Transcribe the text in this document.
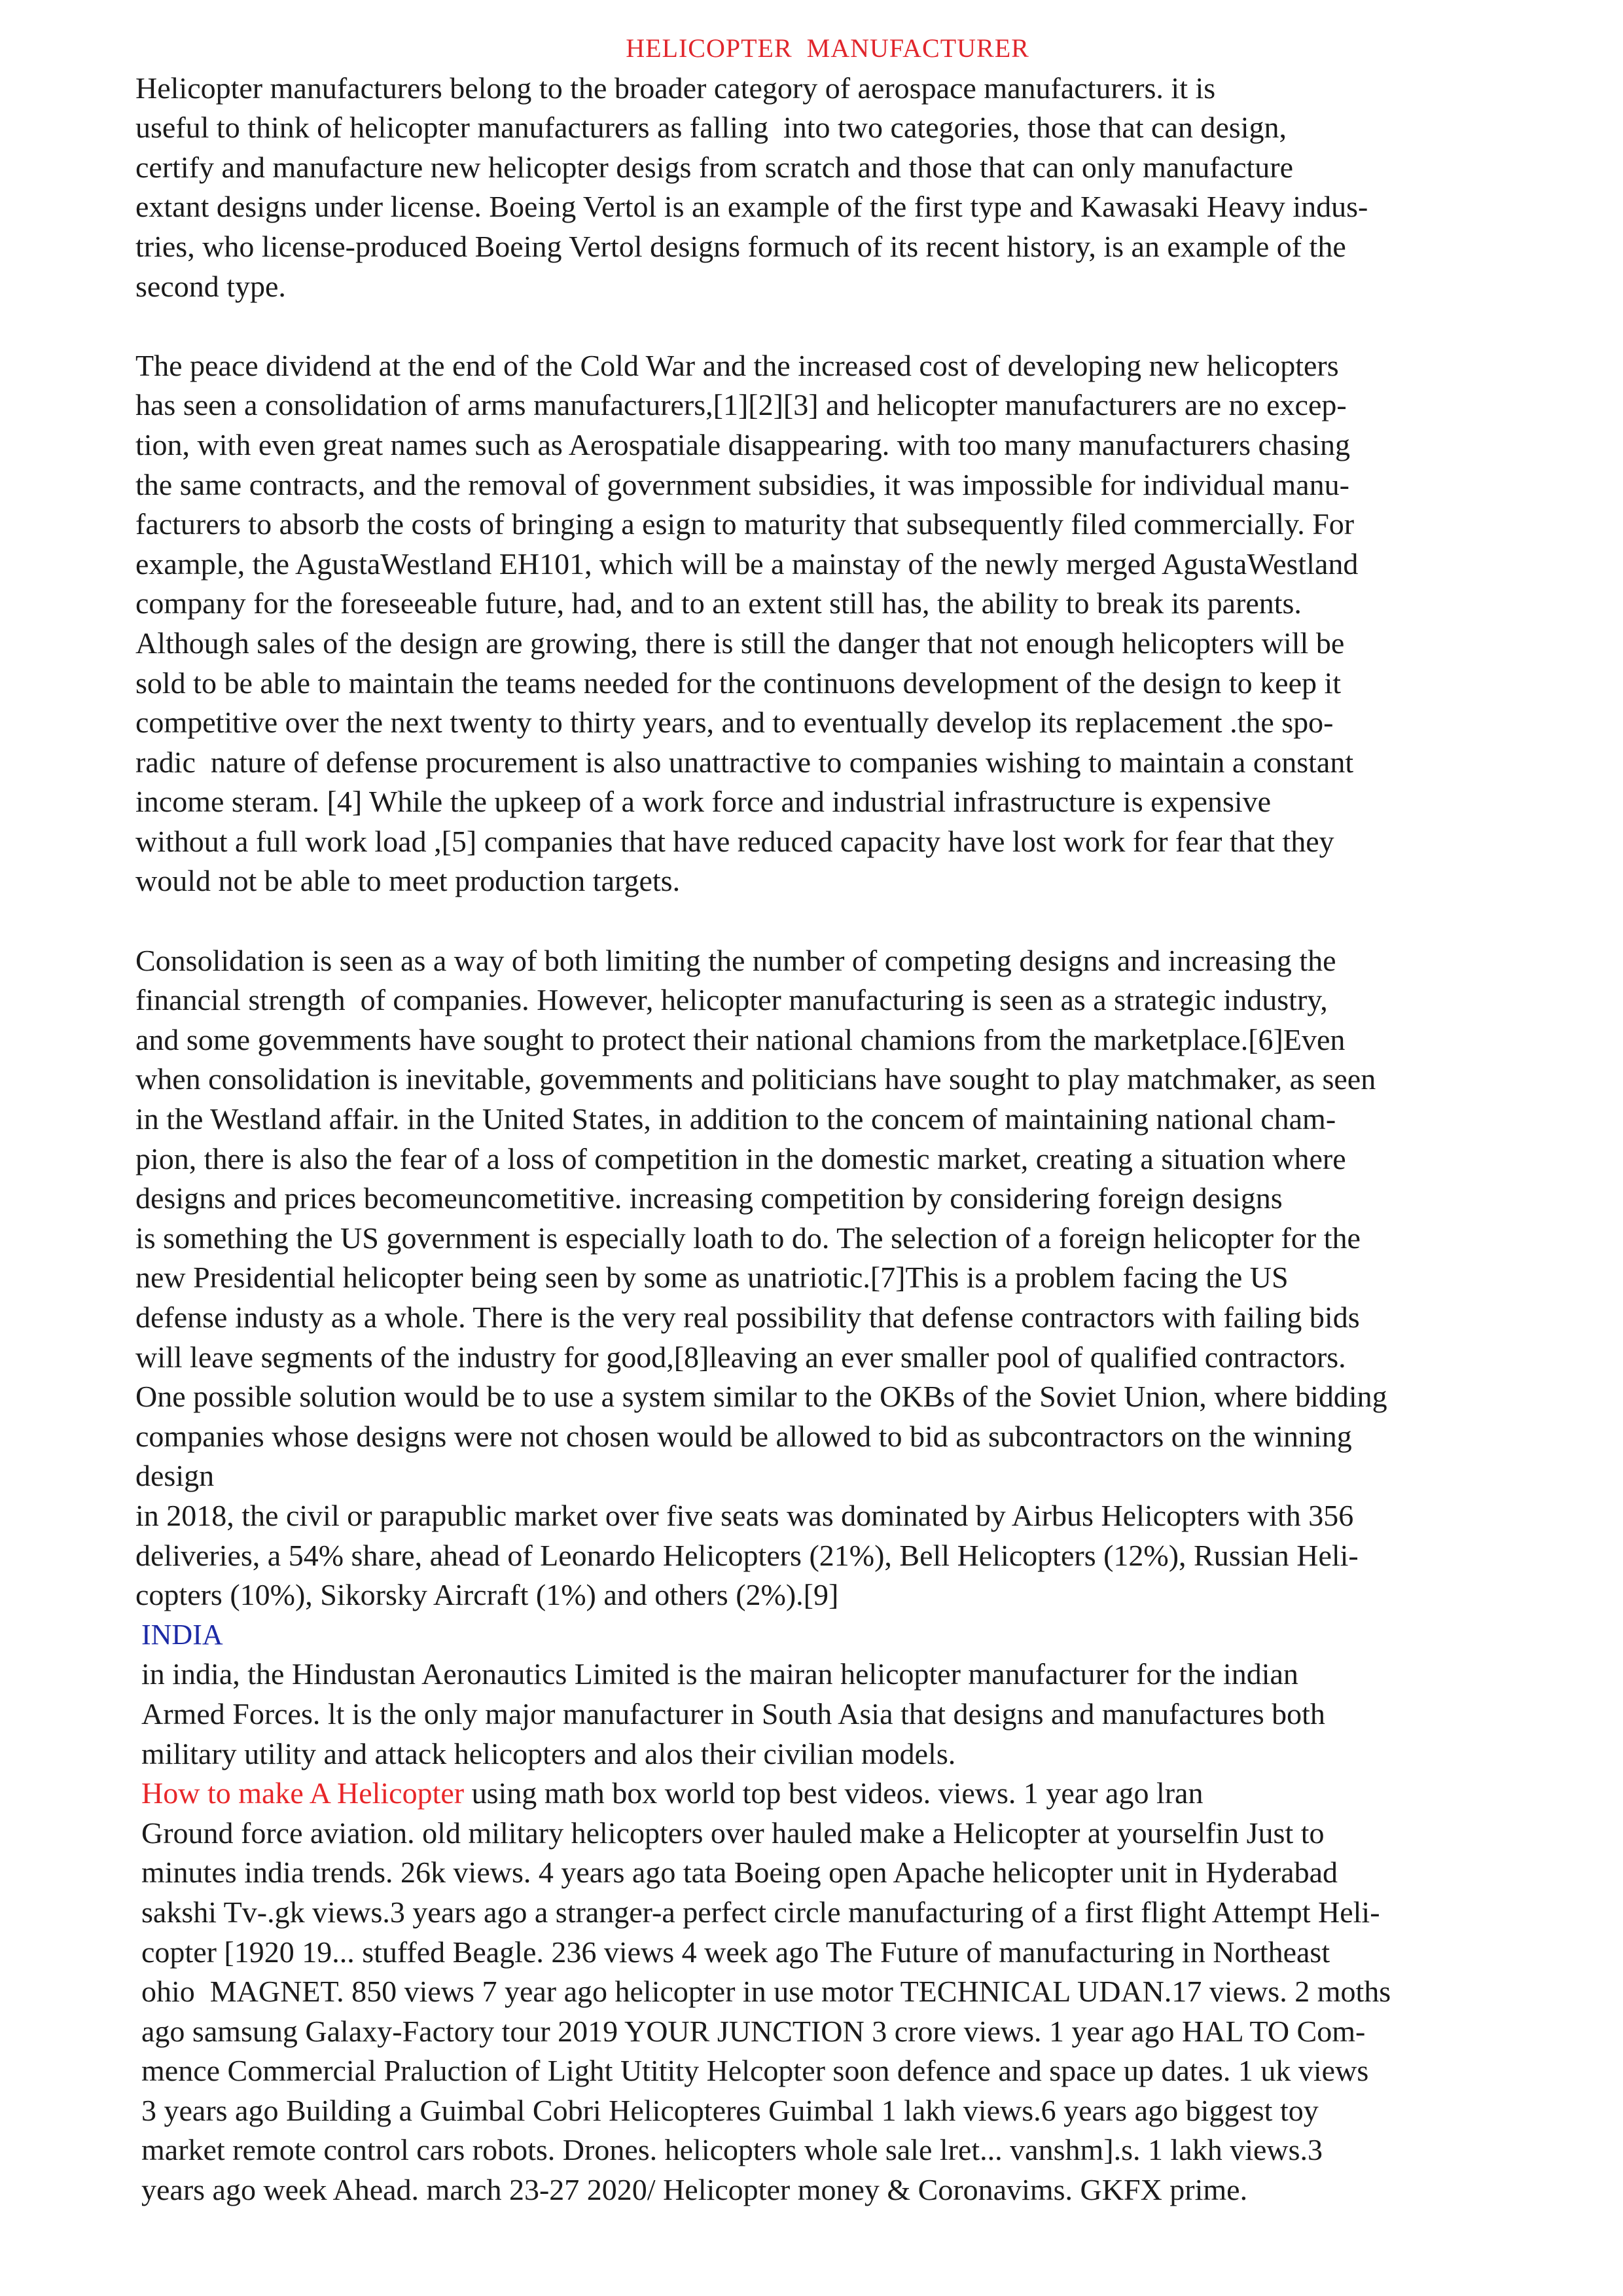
HELICOPTER  MANUFACTURER
Helicopter manufacturers belong to the broader category of aerospace manufacturers. it is
useful to think of helicopter manufacturers as falling  into two categories, those that can design,
certify and manufacture new helicopter desigs from scratch and those that can only manufacture
extant designs under license. Boeing Vertol is an example of the first type and Kawasaki Heavy indus-
tries, who license-produced Boeing Vertol designs formuch of its recent history, is an example of the
second type.
The peace dividend at the end of the Cold War and the increased cost of developing new helicopters
has seen a consolidation of arms manufacturers,[1][2][3] and helicopter manufacturers are no excep-
tion, with even great names such as Aerospatiale disappearing. with too many manufacturers chasing
the same contracts, and the removal of government subsidies, it was impossible for individual manu-
facturers to absorb the costs of bringing a esign to maturity that subsequently filed commercially. For
example, the AgustaWestland EH101, which will be a mainstay of the newly merged AgustaWestland
company for the foreseeable future, had, and to an extent still has, the ability to break its parents.
Although sales of the design are growing, there is still the danger that not enough helicopters will be
sold to be able to maintain the teams needed for the continuons development of the design to keep it
competitive over the next twenty to thirty years, and to eventually develop its replacement .the spo-
radic  nature of defense procurement is also unattractive to companies wishing to maintain a constant
income steram. [4] While the upkeep of a work force and industrial infrastructure is expensive
without a full work load ,[5] companies that have reduced capacity have lost work for fear that they
would not be able to meet production targets.
Consolidation is seen as a way of both limiting the number of competing designs and increasing the
financial strength  of companies. However, helicopter manufacturing is seen as a strategic industry,
and some govemments have sought to protect their national chamions from the marketplace.[6]Even
when consolidation is inevitable, govemments and politicians have sought to play matchmaker, as seen
in the Westland affair. in the United States, in addition to the concem of maintaining national cham-
pion, there is also the fear of a loss of competition in the domestic market, creating a situation where
designs and prices becomeuncometitive. increasing competition by considering foreign designs
is something the US government is especially loath to do. The selection of a foreign helicopter for the
new Presidential helicopter being seen by some as unatriotic.[7]This is a problem facing the US
defense industy as a whole. There is the very real possibility that defense contractors with failing bids
will leave segments of the industry for good,[8]leaving an ever smaller pool of qualified contractors.
One possible solution would be to use a system similar to the OKBs of the Soviet Union, where bidding
companies whose designs were not chosen would be allowed to bid as subcontractors on the winning
design
in 2018, the civil or parapublic market over five seats was dominated by Airbus Helicopters with 356
deliveries, a 54% share, ahead of Leonardo Helicopters (21%), Bell Helicopters (12%), Russian Heli-
copters (10%), Sikorsky Aircraft (1%) and others (2%).[9]
INDIA
in india, the Hindustan Aeronautics Limited is the mairan helicopter manufacturer for the indian
Armed Forces. lt is the only major manufacturer in South Asia that designs and manufactures both
military utility and attack helicopters and alos their civilian models.
How to make A Helicopter using math box world top best videos. views. 1 year ago lran
Ground force aviation. old military helicopters over hauled make a Helicopter at yourselfin Just to
minutes india trends. 26k views. 4 years ago tata Boeing open Apache helicopter unit in Hyderabad
sakshi Tv-.gk views.3 years ago a stranger-a perfect circle manufacturing of a first flight Attempt Heli-
copter [1920 19... stuffed Beagle. 236 views 4 week ago The Future of manufacturing in Northeast
ohio  MAGNET. 850 views 7 year ago helicopter in use motor TECHNICAL UDAN.17 views. 2 moths
ago samsung Galaxy-Factory tour 2019 YOUR JUNCTION 3 crore views. 1 year ago HAL TO Com-
mence Commercial Praluction of Light Utitity Helcopter soon defence and space up dates. 1 uk views
3 years ago Building a Guimbal Cobri Helicopteres Guimbal 1 lakh views.6 years ago biggest toy
market remote control cars robots. Drones. helicopters whole sale lret... vanshm].s. 1 lakh views.3
years ago week Ahead. march 23-27 2020/ Helicopter money & Coronavims. GKFX prime.
